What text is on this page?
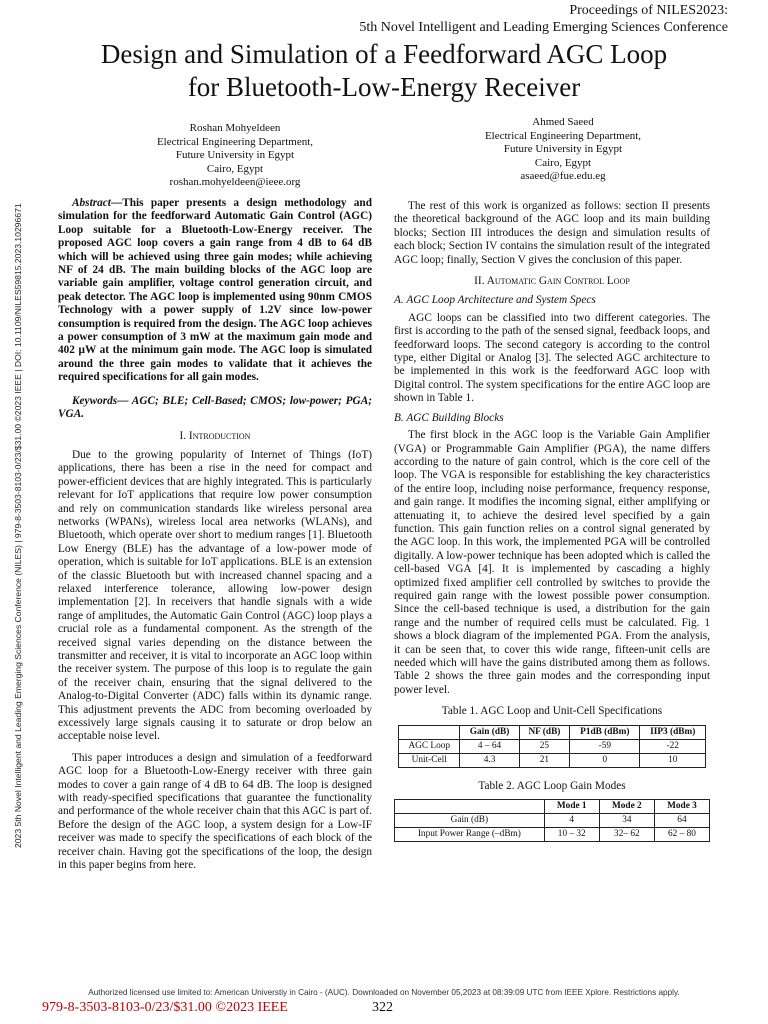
Proceedings of NILES2023:
5th Novel Intelligent and Leading Emerging Sciences Conference
Design and Simulation of a Feedforward AGC Loop
for Bluetooth-Low-Energy Receiver
Roshan Mohyeldeen
Electrical Engineering Department,
Future University in Egypt
Cairo, Egypt
roshan.mohyeldeen@ieee.org
Ahmed Saeed
Electrical Engineering Department,
Future University in Egypt
Cairo, Egypt
asaeed@fue.edu.eg
2023 5th Novel Intelligent and Leading Emerging Sciences Conference (NILES) | 979-8-3503-8103-0/23/$31.00 ©2023 IEEE | DOI: 10.1109/NILES59815.2023.10296671

Abstract—This paper presents a design methodology and simulation for the feedforward Automatic Gain Control (AGC) Loop suitable for a Bluetooth-Low-Energy receiver. The proposed AGC loop covers a gain range from 4 dB to 64 dB which will be achieved using three gain modes; while achieving NF of 24 dB. The main building blocks of the AGC loop are variable gain amplifier, voltage control generation circuit, and peak detector. The AGC loop is implemented using 90nm CMOS Technology with a power supply of 1.2V since low-power consumption is required from the design. The AGC loop achieves a power consumption of 3 mW at the maximum gain mode and 402 μW at the minimum gain mode. The AGC loop is simulated around the three gain modes to validate that it achieves the required specifications for all gain modes.

Keywords— AGC; BLE; Cell-Based; CMOS; low-power; PGA; VGA.

I. Introduction

Due to the growing popularity of Internet of Things (IoT) applications, there has been a rise in the need for compact and power-efficient devices that are highly integrated. This is particularly relevant for IoT applications that require low power consumption and rely on communication standards like wireless personal area networks (WPANs), wireless local area networks (WLANs), and Bluetooth, which operate over short to medium ranges [1]. Bluetooth Low Energy (BLE) has the advantage of a low-power mode of operation, which is suitable for IoT applications. BLE is an extension of the classic Bluetooth but with increased channel spacing and a relaxed interference tolerance, allowing low-power design implementation [2]. In receivers that handle signals with a wide range of amplitudes, the Automatic Gain Control (AGC) loop plays a crucial role as a fundamental component. As the strength of the received signal varies depending on the distance between the transmitter and receiver, it is vital to incorporate an AGC loop within the receiver system. The purpose of this loop is to regulate the gain of the receiver chain, ensuring that the signal delivered to the Analog-to-Digital Converter (ADC) falls within its dynamic range. This adjustment prevents the ADC from becoming overloaded by excessively large signals causing it to saturate or drop below an acceptable noise level.

This paper introduces a design and simulation of a feedforward AGC loop for a Bluetooth-Low-Energy receiver with three gain modes to cover a gain range of 4 dB to 64 dB. The loop is designed with ready-specified specifications that guarantee the functionality and performance of the whole receiver chain that this AGC is part of. Before the design of the AGC loop, a system design for a Low-IF receiver was made to specify the specifications of each block of the receiver chain. Having got the specifications of the loop, the design in this paper begins from here.

The rest of this work is organized as follows: section II presents the theoretical background of the AGC loop and its main building blocks; Section III introduces the design and simulation results of each block; Section IV contains the simulation result of the integrated AGC loop; finally, Section V gives the conclusion of this paper.

II. Automatic Gain Control Loop
A. AGC Loop Architecture and System Specs

AGC loops can be classified into two different categories. The first is according to the path of the sensed signal, feedback loops, and feedforward loops. The second category is according to the control type, either Digital or Analog [3]. The selected AGC architecture to be implemented in this work is the feedforward AGC loop with Digital control. The system specifications for the entire AGC loop are shown in Table 1.

B. AGC Building Blocks

The first block in the AGC loop is the Variable Gain Amplifier (VGA) or Programmable Gain Amplifier (PGA), the name differs according to the nature of gain control, which is the core cell of the loop. The VGA is responsible for establishing the key characteristics of the entire loop, including noise performance, frequency response, and gain range. It modifies the incoming signal, either amplifying or attenuating it, to achieve the desired level specified by a gain function. This gain function relies on a control signal generated by the AGC loop. In this work, the implemented PGA will be controlled digitally. A low-power technique has been adopted which is called the cell-based VGA [4]. It is implemented by cascading a highly optimized fixed amplifier cell controlled by switches to provide the required gain range with the lowest possible power consumption. Since the cell-based technique is used, a distribution for the gain range and the number of required cells must be calculated. Fig. 1 shows a block diagram of the implemented PGA. From the analysis, it can be seen that, to cover this wide range, fifteen-unit cells are needed which will have the gains distributed among them as follows. Table 2 shows the three gain modes and the corresponding input power level.

Table 1. AGC Loop and Unit-Cell Specifications
	Gain (dB)	NF (dB)	P1dB (dBm)	IIP3 (dBm)
AGC Loop	4 – 64	25	-59	-22
Unit-Cell	4.3	21	0	10
Table 2. AGC Loop Gain Modes
	Mode 1	Mode 2	Mode 3
Gain (dB)	4	34	64
Input Power Range (–dBm)	10 – 32	32– 62	62 – 80
Authorized licensed use limited to: American Universtiy in Cairo - (AUC). Downloaded on November 05,2023 at 08:39:09 UTC from IEEE Xplore. Restrictions apply.
979-8-3503-8103-0/23/$31.00 ©2023 IEEE	322
